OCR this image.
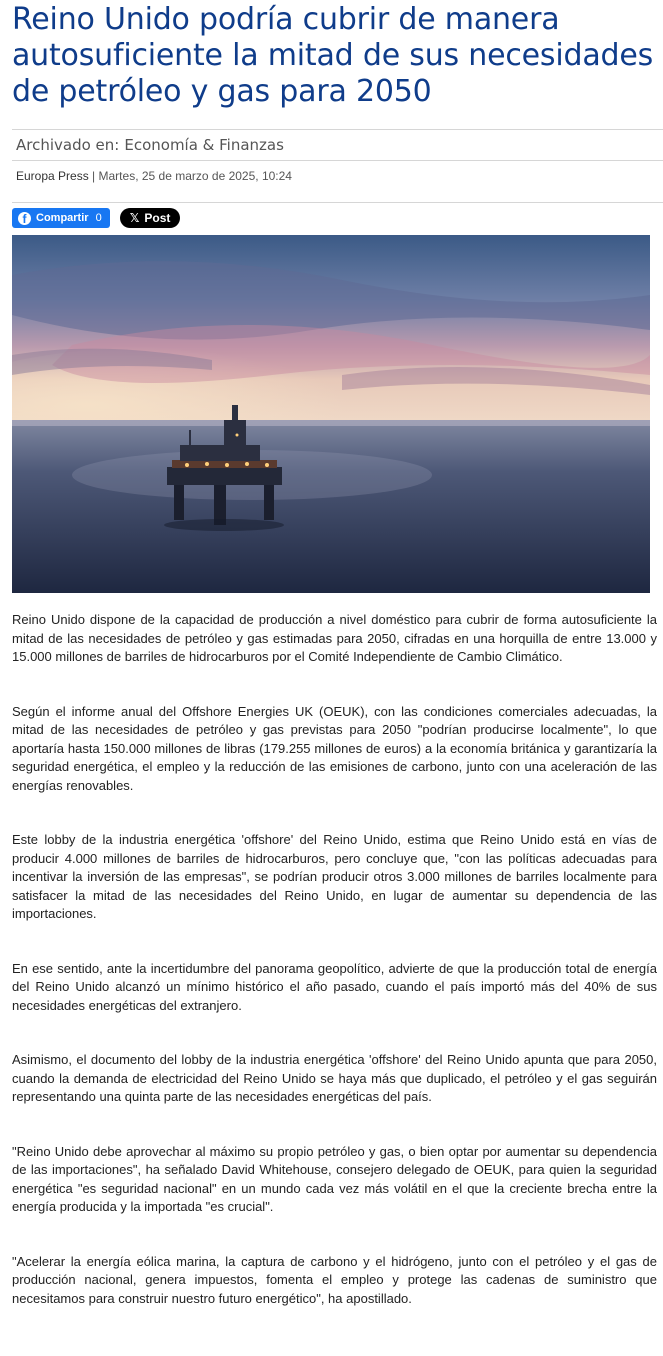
Reino Unido podría cubrir de manera autosuficiente la mitad de sus necesidades de petróleo y gas para 2050
Archivado en: Economía & Finanzas
Europa Press | Martes, 25 de marzo de 2025, 10:24
f Compartir 0 𝕏 Post

Reino Unido dispone de la capacidad de producción a nivel doméstico para cubrir de forma autosuficiente la mitad de las necesidades de petróleo y gas estimadas para 2050, cifradas en una horquilla de entre 13.000 y 15.000 millones de barriles de hidrocarburos por el Comité Independiente de Cambio Climático.

Según el informe anual del Offshore Energies UK (OEUK), con las condiciones comerciales adecuadas, la mitad de las necesidades de petróleo y gas previstas para 2050 "podrían producirse localmente", lo que aportaría hasta 150.000 millones de libras (179.255 millones de euros) a la economía británica y garantizaría la seguridad energética, el empleo y la reducción de las emisiones de carbono, junto con una aceleración de las energías renovables.

Este lobby de la industria energética 'offshore' del Reino Unido, estima que Reino Unido está en vías de producir 4.000 millones de barriles de hidrocarburos, pero concluye que, "con las políticas adecuadas para incentivar la inversión de las empresas", se podrían producir otros 3.000 millones de barriles localmente para satisfacer la mitad de las necesidades del Reino Unido, en lugar de aumentar su dependencia de las importaciones.

En ese sentido, ante la incertidumbre del panorama geopolítico, advierte de que la producción total de energía del Reino Unido alcanzó un mínimo histórico el año pasado, cuando el país importó más del 40% de sus necesidades energéticas del extranjero.

Asimismo, el documento del lobby de la industria energética 'offshore' del Reino Unido apunta que para 2050, cuando la demanda de electricidad del Reino Unido se haya más que duplicado, el petróleo y el gas seguirán representando una quinta parte de las necesidades energéticas del país.

"Reino Unido debe aprovechar al máximo su propio petróleo y gas, o bien optar por aumentar su dependencia de las importaciones", ha señalado David Whitehouse, consejero delegado de OEUK, para quien la seguridad energética "es seguridad nacional" en un mundo cada vez más volátil en el que la creciente brecha entre la energía producida y la importada "es crucial".

"Acelerar la energía eólica marina, la captura de carbono y el hidrógeno, junto con el petróleo y el gas de producción nacional, genera impuestos, fomenta el empleo y protege las cadenas de suministro que necesitamos para construir nuestro futuro energético", ha apostillado.
